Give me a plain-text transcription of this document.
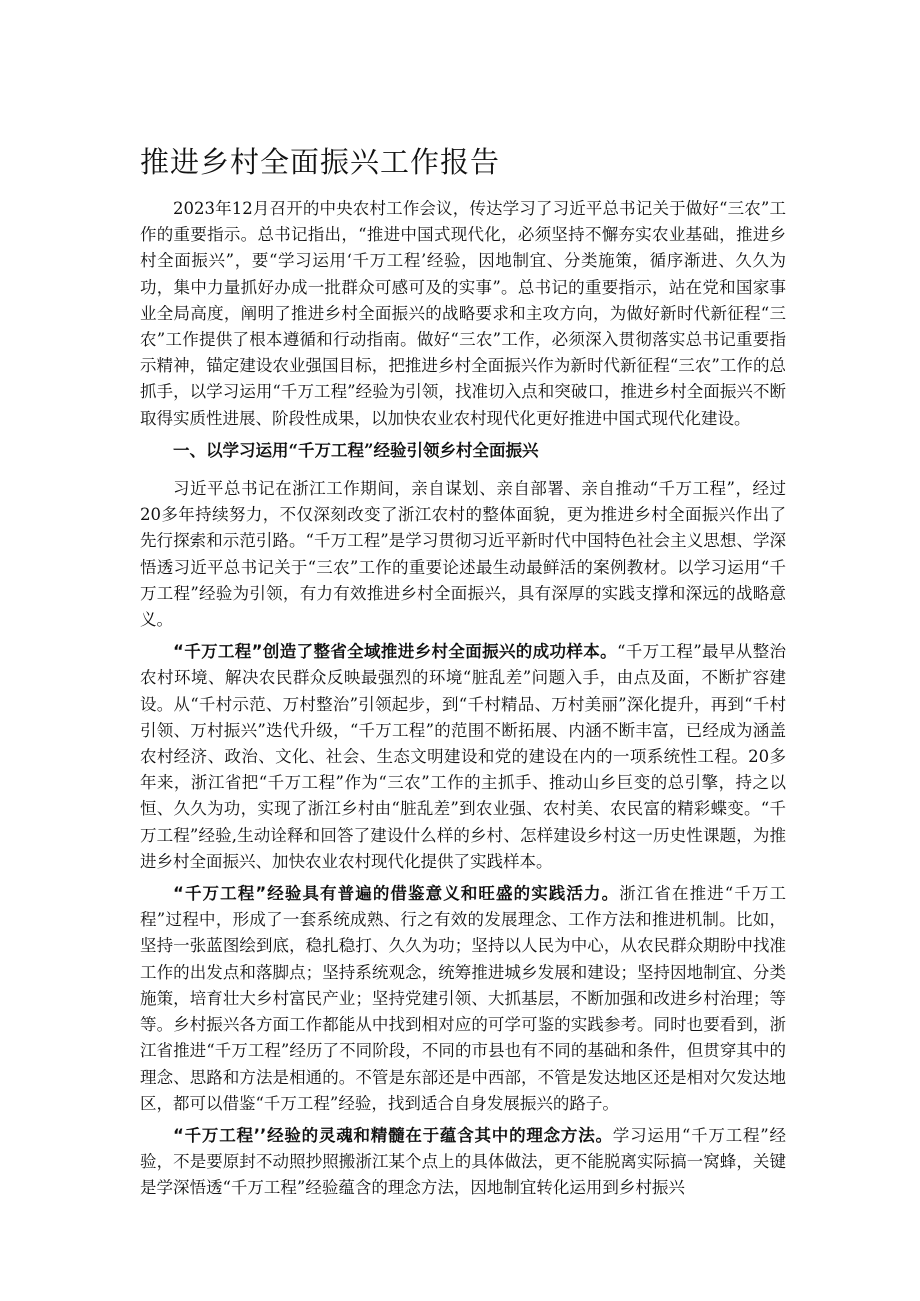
推进乡村全面振兴工作报告

2023年12月召开的中央农村工作会议，传达学习了习近平总书记关于做好“三农”工作的重要指示。总书记指出，“推进中国式现代化，必须坚持不懈夯实农业基础，推进乡村全面振兴”，要“学习运用‘千万工程’经验，因地制宜、分类施策，循序渐进、久久为功，集中力量抓好办成一批群众可感可及的实事”。总书记的重要指示，站在党和国家事业全局高度，阐明了推进乡村全面振兴的战略要求和主攻方向，为做好新时代新征程“三农”工作提供了根本遵循和行动指南。做好“三农”工作，必须深入贯彻落实总书记重要指示精神，锚定建设农业强国目标，把推进乡村全面振兴作为新时代新征程“三农”工作的总抓手，以学习运用“千万工程”经验为引领，找准切入点和突破口，推进乡村全面振兴不断取得实质性进展、阶段性成果，以加快农业农村现代化更好推进中国式现代化建设。

一、以学习运用“千万工程”经验引领乡村全面振兴

习近平总书记在浙江工作期间，亲自谋划、亲自部署、亲自推动“千万工程”，经过20多年持续努力，不仅深刻改变了浙江农村的整体面貌，更为推进乡村全面振兴作出了先行探索和示范引路。“千万工程”是学习贯彻习近平新时代中国特色社会主义思想、学深悟透习近平总书记关于“三农”工作的重要论述最生动最鲜活的案例教材。以学习运用“千万工程”经验为引领，有力有效推进乡村全面振兴，具有深厚的实践支撑和深远的战略意义。

“千万工程”创造了整省全域推进乡村全面振兴的成功样本。“千万工程”最早从整治农村环境、解决农民群众反映最强烈的环境“脏乱差”问题入手，由点及面，不断扩容建设。从“千村示范、万村整治”引领起步，到“千村精品、万村美丽”深化提升，再到“千村引领、万村振兴”迭代升级，“千万工程”的范围不断拓展、内涵不断丰富，已经成为涵盖农村经济、政治、文化、社会、生态文明建设和党的建设在内的一项系统性工程。20多年来，浙江省把“千万工程”作为“三农”工作的主抓手、推动山乡巨变的总引擎，持之以恒、久久为功，实现了浙江乡村由“脏乱差”到农业强、农村美、农民富的精彩蝶变。“千万工程”经验,生动诠释和回答了建设什么样的乡村、怎样建设乡村这一历史性课题，为推进乡村全面振兴、加快农业农村现代化提供了实践样本。

“千万工程”经验具有普遍的借鉴意义和旺盛的实践活力。浙江省在推进“千万工程”过程中，形成了一套系统成熟、行之有效的发展理念、工作方法和推进机制。比如，坚持一张蓝图绘到底，稳扎稳打、久久为功；坚持以人民为中心，从农民群众期盼中找准工作的出发点和落脚点；坚持系统观念，统筹推进城乡发展和建设；坚持因地制宜、分类施策，培育壮大乡村富民产业；坚持党建引领、大抓基层，不断加强和改进乡村治理；等等。乡村振兴各方面工作都能从中找到相对应的可学可鉴的实践参考。同时也要看到，浙江省推进“千万工程”经历了不同阶段，不同的市县也有不同的基础和条件，但贯穿其中的理念、思路和方法是相通的。不管是东部还是中西部，不管是发达地区还是相对欠发达地区，都可以借鉴“千万工程”经验，找到适合自身发展振兴的路子。

“千万工程’’经验的灵魂和精髓在于蕴含其中的理念方法。学习运用“千万工程”经验，不是要原封不动照抄照搬浙江某个点上的具体做法，更不能脱离实际搞一窝蜂，关键是学深悟透“千万工程”经验蕴含的理念方法，因地制宜转化运用到乡村振兴
